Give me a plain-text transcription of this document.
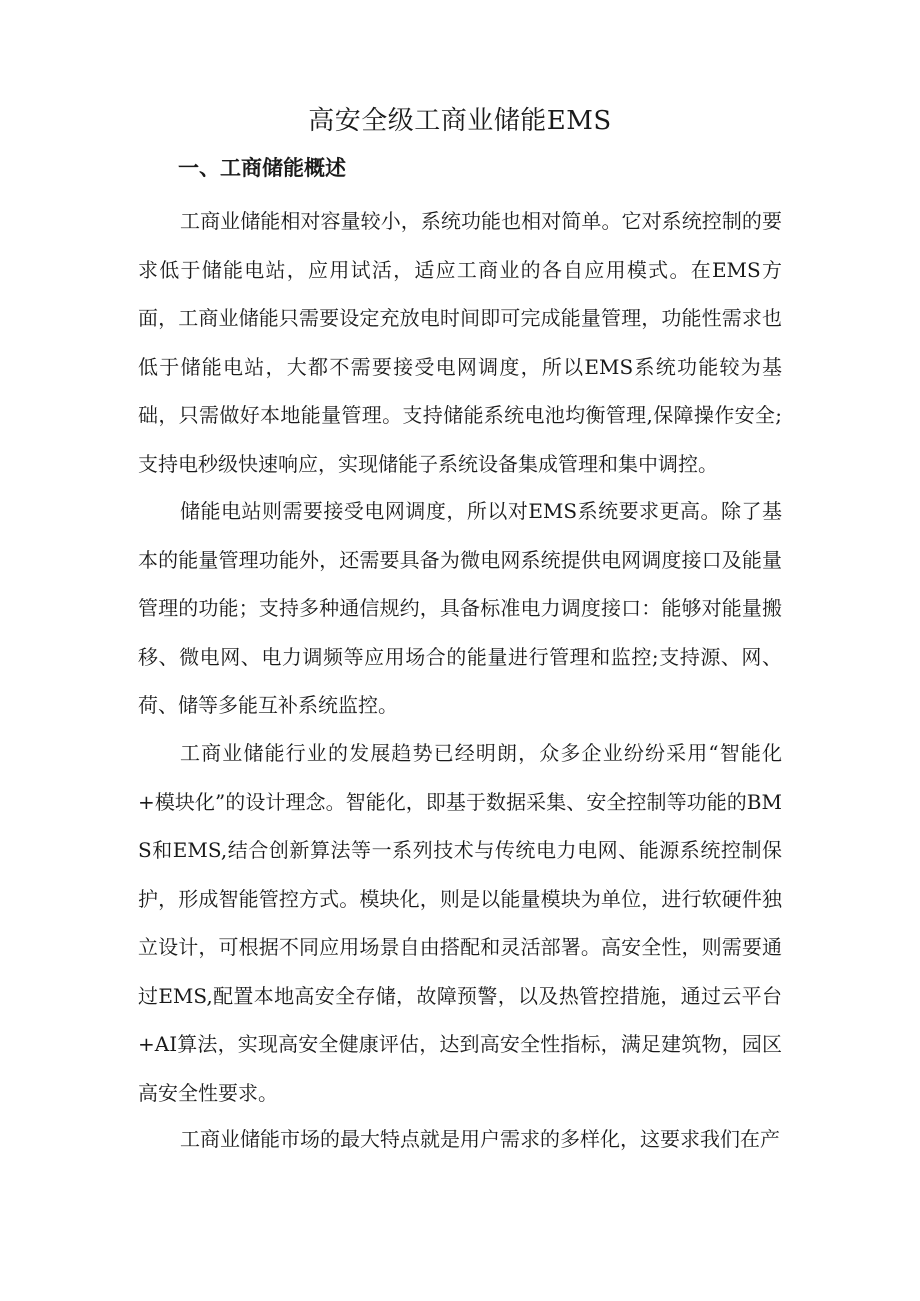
高安全级工商业储能EMS
一、工商储能概述

工商业储能相对容量较小，系统功能也相对简单。它对系统控制的要求低于储能电站，应用试活，适应工商业的各自应用模式。在EMS方面，工商业储能只需要设定充放电时间即可完成能量管理，功能性需求也低于储能电站，大都不需要接受电网调度，所以EMS系统功能较为基础，只需做好本地能量管理。支持储能系统电池均衡管理,保障操作安全;支持电秒级快速响应，实现储能子系统设备集成管理和集中调控。

储能电站则需要接受电网调度，所以对EMS系统要求更高。除了基本的能量管理功能外，还需要具备为微电网系统提供电网调度接口及能量管理的功能；支持多种通信规约，具备标准电力调度接口：能够对能量搬移、微电网、电力调频等应用场合的能量进行管理和监控;支持源、网、荷、储等多能互补系统监控。

工商业储能行业的发展趋势已经明朗，众多企业纷纷采用“智能化+模块化”的设计理念。智能化，即基于数据采集、安全控制等功能的BMS和EMS,结合创新算法等一系列技术与传统电力电网、能源系统控制保护，形成智能管控方式。模块化，则是以能量模块为单位，进行软硬件独立设计，可根据不同应用场景自由搭配和灵活部署。高安全性，则需要通过EMS,配置本地高安全存储，故障预警，以及热管控措施，通过云平台+AI算法，实现高安全健康评估，达到高安全性指标，满足建筑物，园区高安全性要求。

工商业储能市场的最大特点就是用户需求的多样化，这要求我们在产
